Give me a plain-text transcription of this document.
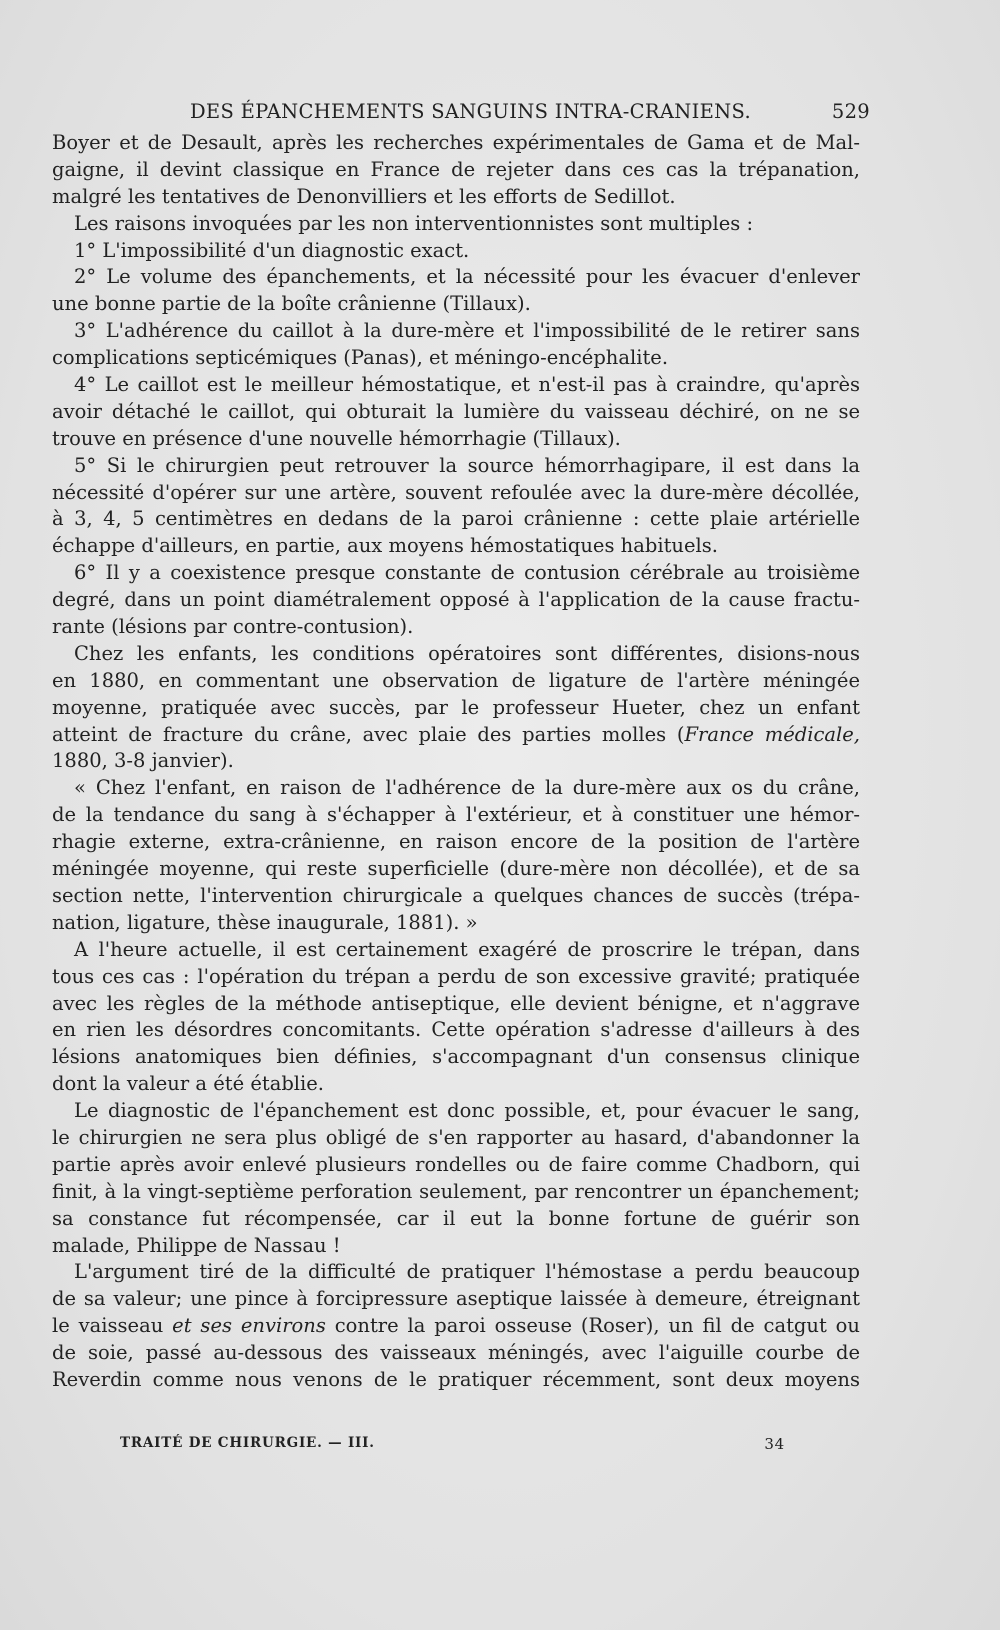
DES ÉPANCHEMENTS SANGUINS INTRA-CRANIENS.	529
Boyer et de Desault, après les recherches expérimentales de Gama et de Mal-
gaigne, il devint classique en France de rejeter dans ces cas la trépanation,
malgré les tentatives de Denonvilliers et les efforts de Sedillot.
Les raisons invoquées par les non interventionnistes sont multiples :
1° L'impossibilité d'un diagnostic exact.
2° Le volume des épanchements, et la nécessité pour les évacuer d'enlever
une bonne partie de la boîte crânienne (Tillaux).
3° L'adhérence du caillot à la dure-mère et l'impossibilité de le retirer sans
complications septicémiques (Panas), et méningo-encéphalite.
4° Le caillot est le meilleur hémostatique, et n'est-il pas à craindre, qu'après
avoir détaché le caillot, qui obturait la lumière du vaisseau déchiré, on ne se
trouve en présence d'une nouvelle hémorrhagie (Tillaux).
5° Si le chirurgien peut retrouver la source hémorrhagipare, il est dans la
nécessité d'opérer sur une artère, souvent refoulée avec la dure-mère décollée,
à 3, 4, 5 centimètres en dedans de la paroi crânienne : cette plaie artérielle
échappe d'ailleurs, en partie, aux moyens hémostatiques habituels.
6° Il y a coexistence presque constante de contusion cérébrale au troisième
degré, dans un point diamétralement opposé à l'application de la cause fractu-
rante (lésions par contre-contusion).
Chez les enfants, les conditions opératoires sont différentes, disions-nous
en 1880, en commentant une observation de ligature de l'artère méningée
moyenne, pratiquée avec succès, par le professeur Hueter, chez un enfant
atteint de fracture du crâne, avec plaie des parties molles (France médicale,
1880, 3-8 janvier).
« Chez l'enfant, en raison de l'adhérence de la dure-mère aux os du crâne,
de la tendance du sang à s'échapper à l'extérieur, et à constituer une hémor-
rhagie externe, extra-crânienne, en raison encore de la position de l'artère
méningée moyenne, qui reste superficielle (dure-mère non décollée), et de sa
section nette, l'intervention chirurgicale a quelques chances de succès (trépa-
nation, ligature, thèse inaugurale, 1881). »
A l'heure actuelle, il est certainement exagéré de proscrire le trépan, dans
tous ces cas : l'opération du trépan a perdu de son excessive gravité; pratiquée
avec les règles de la méthode antiseptique, elle devient bénigne, et n'aggrave
en rien les désordres concomitants. Cette opération s'adresse d'ailleurs à des
lésions anatomiques bien définies, s'accompagnant d'un consensus clinique
dont la valeur a été établie.
Le diagnostic de l'épanchement est donc possible, et, pour évacuer le sang,
le chirurgien ne sera plus obligé de s'en rapporter au hasard, d'abandonner la
partie après avoir enlevé plusieurs rondelles ou de faire comme Chadborn, qui
finit, à la vingt-septième perforation seulement, par rencontrer un épanchement;
sa constance fut récompensée, car il eut la bonne fortune de guérir son
malade, Philippe de Nassau !
L'argument tiré de la difficulté de pratiquer l'hémostase a perdu beaucoup
de sa valeur; une pince à forcipressure aseptique laissée à demeure, étreignant
le vaisseau et ses environs contre la paroi osseuse (Roser), un fil de catgut ou
de soie, passé au-dessous des vaisseaux méningés, avec l'aiguille courbe de
Reverdin comme nous venons de le pratiquer récemment, sont deux moyens
TRAITÉ DE CHIRURGIE. — III.	34
